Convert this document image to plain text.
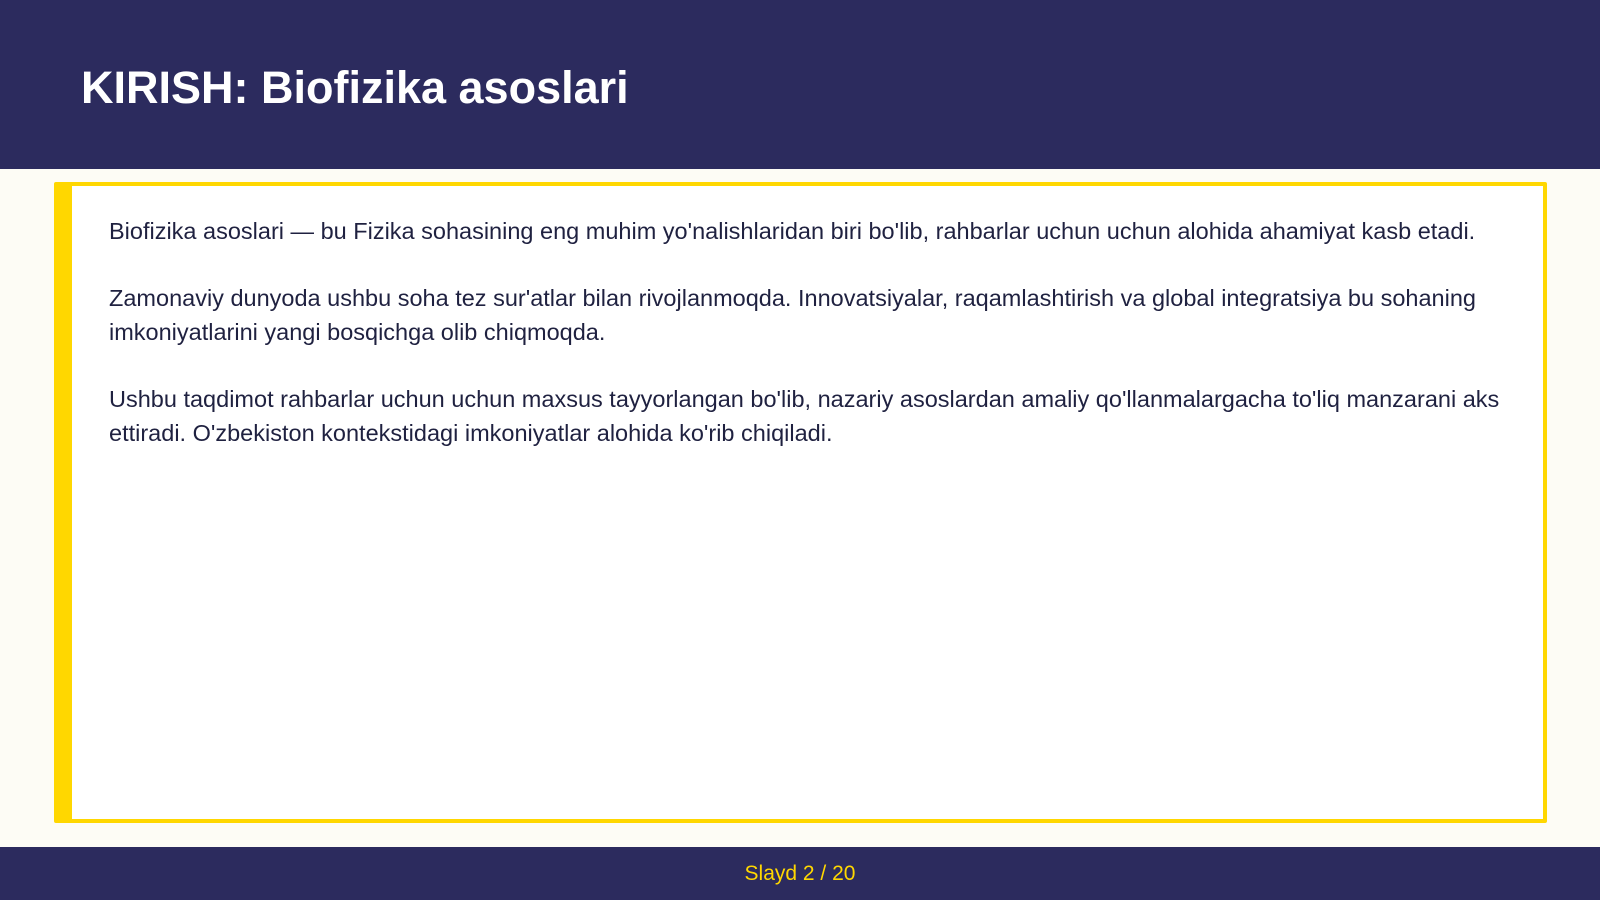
KIRISH: Biofizika asoslari

Biofizika asoslari — bu Fizika sohasining eng muhim yo'nalishlaridan biri bo'lib, rahbarlar uchun uchun alohida ahamiyat kasb etadi.

Zamonaviy dunyoda ushbu soha tez sur'atlar bilan rivojlanmoqda. Innovatsiyalar, raqamlashtirish va global integratsiya bu sohaning imkoniyatlarini yangi bosqichga olib chiqmoqda.

Ushbu taqdimot rahbarlar uchun uchun maxsus tayyorlangan bo'lib, nazariy asoslardan amaliy qo'llanmalargacha to'liq manzarani aks ettiradi. O'zbekiston kontekstidagi imkoniyatlar alohida ko'rib chiqiladi.

Slayd 2 / 20
